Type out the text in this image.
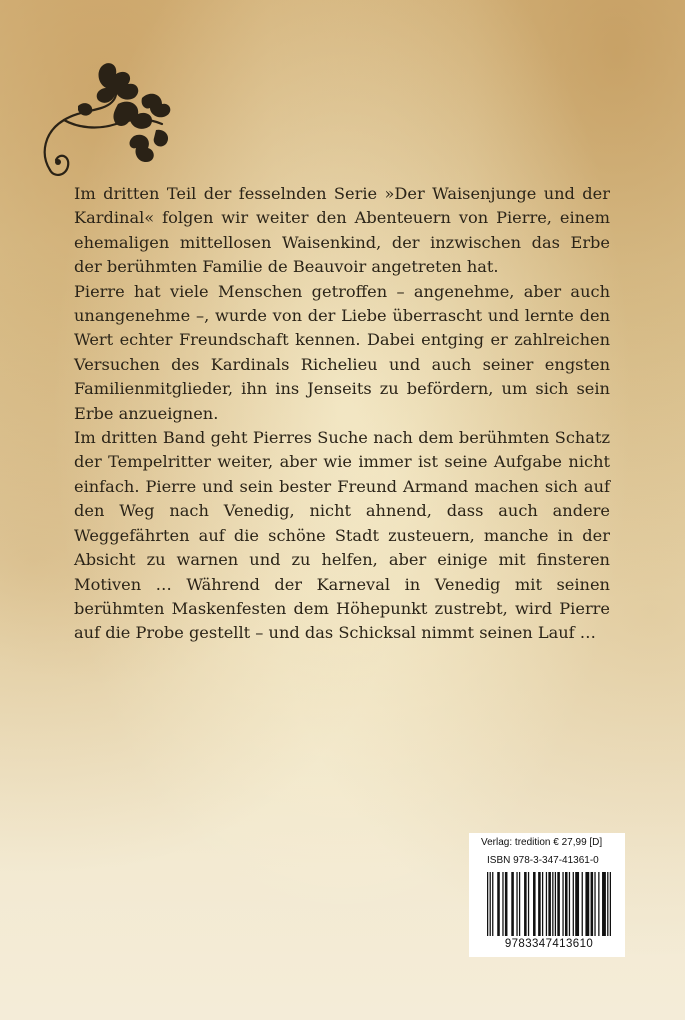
Im dritten Teil der fesselnden Serie »Der Waisenjunge und der Kardinal« folgen wir weiter den Abenteuern von Pierre, einem ehemaligen mittellosen Waisenkind, der inzwischen das Erbe der berühmten Familie de Beauvoir angetreten hat.

Pierre hat viele Menschen getroffen – angenehme, aber auch unangenehme –, wurde von der Liebe überrascht und lernte den Wert echter Freundschaft kennen. Dabei entging er zahlreichen Versuchen des Kardinals Richelieu und auch seiner engsten Familienmitglieder, ihn ins Jenseits zu befördern, um sich sein Erbe anzueignen.

Im dritten Band geht Pierres Suche nach dem berühmten Schatz der Tempelritter weiter, aber wie immer ist seine Aufgabe nicht einfach. Pierre und sein bester Freund Armand machen sich auf den Weg nach Venedig, nicht ahnend, dass auch andere Weggefährten auf die schöne Stadt zusteuern, manche in der Absicht zu warnen und zu helfen, aber einige mit finsteren Motiven … Während der Karneval in Venedig mit seinen berühmten Maskenfesten dem Höhepunkt zustrebt, wird Pierre auf die Probe gestellt – und das Schicksal nimmt seinen Lauf …

Verlag: tredition € 27,99 [D]
ISBN 978-3-347-41361-0
9783347413610
